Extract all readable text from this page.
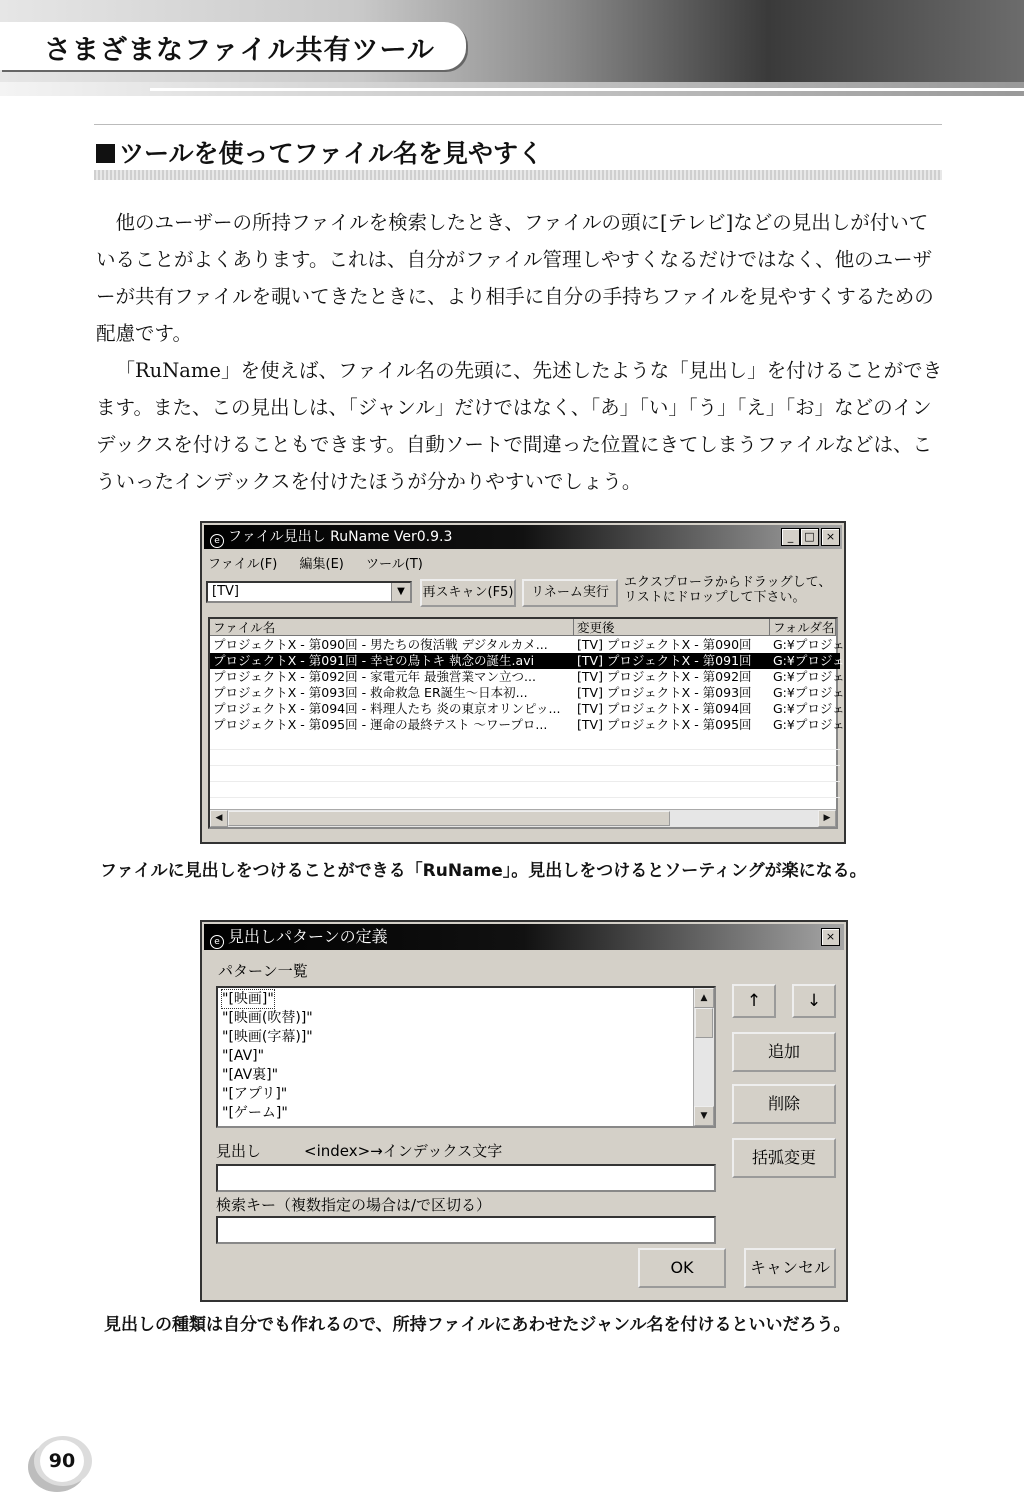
さまざまなファイル共有ツール
ツールを使ってファイル名を見やすく

他のユーザーの所持ファイルを検索したとき、ファイルの頭に[テレビ]などの見出しが付いていることがよくあります。これは、自分がファイル管理しやすくなるだけではなく、他のユーザーが共有ファイルを覗いてきたときに、より相手に自分の手持ちファイルを見やすくするための配慮です。

「RuName」を使えば、ファイル名の先頭に、先述したような「見出し」を付けることができます。また、この見出しは、「ジャンル」だけではなく、「あ」「い」「う」「え」「お」などのインデックスを付けることもできます。自動ソートで間違った位置にきてしまうファイルなどは、こういったインデックスを付けたほうが分かりやすいでしょう。

e ファイル見出し RuName Ver0.9.3	_	□	×
ファイル(F) 編集(E) ツール(T)
[TV]	▼	再スキャン(F5)	リネーム実行
エクスプローラからドラッグして、リストにドロップして下さい。
ファイル名	変更後	フォルダ名
プロジェクトX - 第090回 - 男たちの復活戦 デジタルカメ...	[TV] プロジェクトX - 第090回	G:¥プロジェ
プロジェクトX - 第091回 - 幸せの鳥トキ 執念の誕生.avi	[TV] プロジェクトX - 第091回	G:¥プロジェ
プロジェクトX - 第092回 - 家電元年 最強営業マン立つ...	[TV] プロジェクトX - 第092回	G:¥プロジェ
プロジェクトX - 第093回 - 救命救急 ER誕生～日本初...	[TV] プロジェクトX - 第093回	G:¥プロジェ
プロジェクトX - 第094回 - 料理人たち 炎の東京オリンピッ...	[TV] プロジェクトX - 第094回	G:¥プロジェ
プロジェクトX - 第095回 - 運命の最終テスト ～ワープロ...	[TV] プロジェクトX - 第095回	G:¥プロジェ
◀	▶
ファイルに見出しをつけることができる「RuName」。見出しをつけるとソーティングが楽になる。
e 見出しパターンの定義	×
パターン一覧
"[映画]"
"[映画(吹替)]"
"[映画(字幕)]"
"[AV]"
"[AV裏]"
"[アプリ]"
"[ゲーム]"
▲
▼
↑	↓
追加
削除
括弧変更
見出し	<index>→インデックス文字
検索キー（複数指定の場合は/で区切る）
OK	キャンセル
見出しの種類は自分でも作れるので、所持ファイルにあわせたジャンル名を付けるといいだろう。
90
